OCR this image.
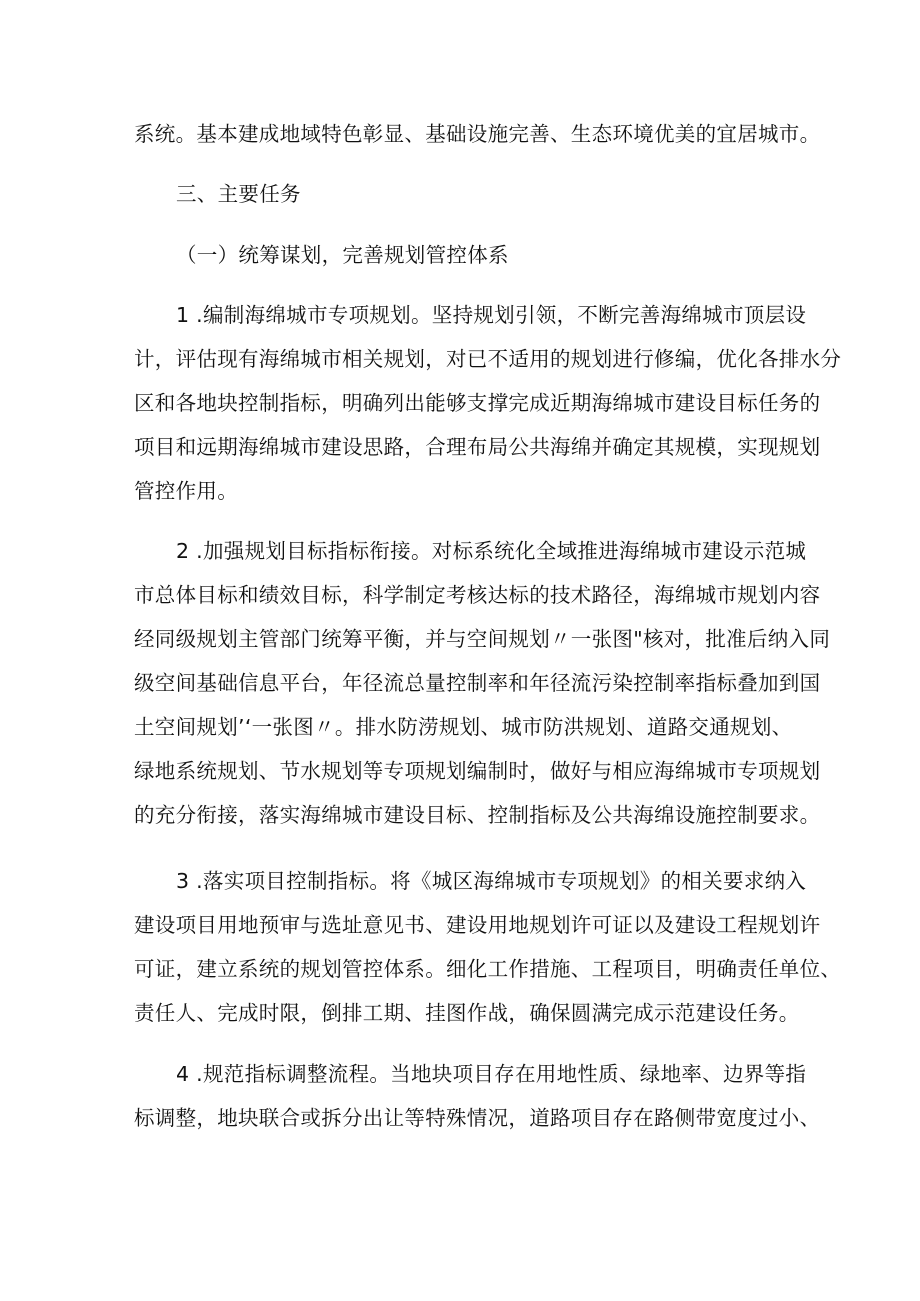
系统。基本建成地域特色彰显、基础设施完善、生态环境优美的宜居城市。
三、主要任务
（一）统筹谋划，完善规划管控体系
1 .编制海绵城市专项规划。坚持规划引领，不断完善海绵城市顶层设
计，评估现有海绵城市相关规划，对已不适用的规划进行修编，优化各排水分
区和各地块控制指标，明确列出能够支撑完成近期海绵城市建设目标任务的
项目和远期海绵城市建设思路，合理布局公共海绵并确定其规模，实现规划
管控作用。
2 .加强规划目标指标衔接。对标系统化全域推进海绵城市建设示范城
市总体目标和绩效目标，科学制定考核达标的技术路径，海绵城市规划内容
经同级规划主管部门统筹平衡，并与空间规划〃一张图"核对，批准后纳入同
级空间基础信息平台，年径流总量控制率和年径流污染控制率指标叠加到国
土空间规划’‘一张图〃。排水防涝规划、城市防洪规划、道路交通规划、
绿地系统规划、节水规划等专项规划编制时，做好与相应海绵城市专项规划
的充分衔接，落实海绵城市建设目标、控制指标及公共海绵设施控制要求。
3 .落实项目控制指标。将《城区海绵城市专项规划》的相关要求纳入
建设项目用地预审与选址意见书、建设用地规划许可证以及建设工程规划许
可证，建立系统的规划管控体系。细化工作措施、工程项目，明确责任单位、
责任人、完成时限，倒排工期、挂图作战，确保圆满完成示范建设任务。
4 .规范指标调整流程。当地块项目存在用地性质、绿地率、边界等指
标调整，地块联合或拆分出让等特殊情况，道路项目存在路侧带宽度过小、
